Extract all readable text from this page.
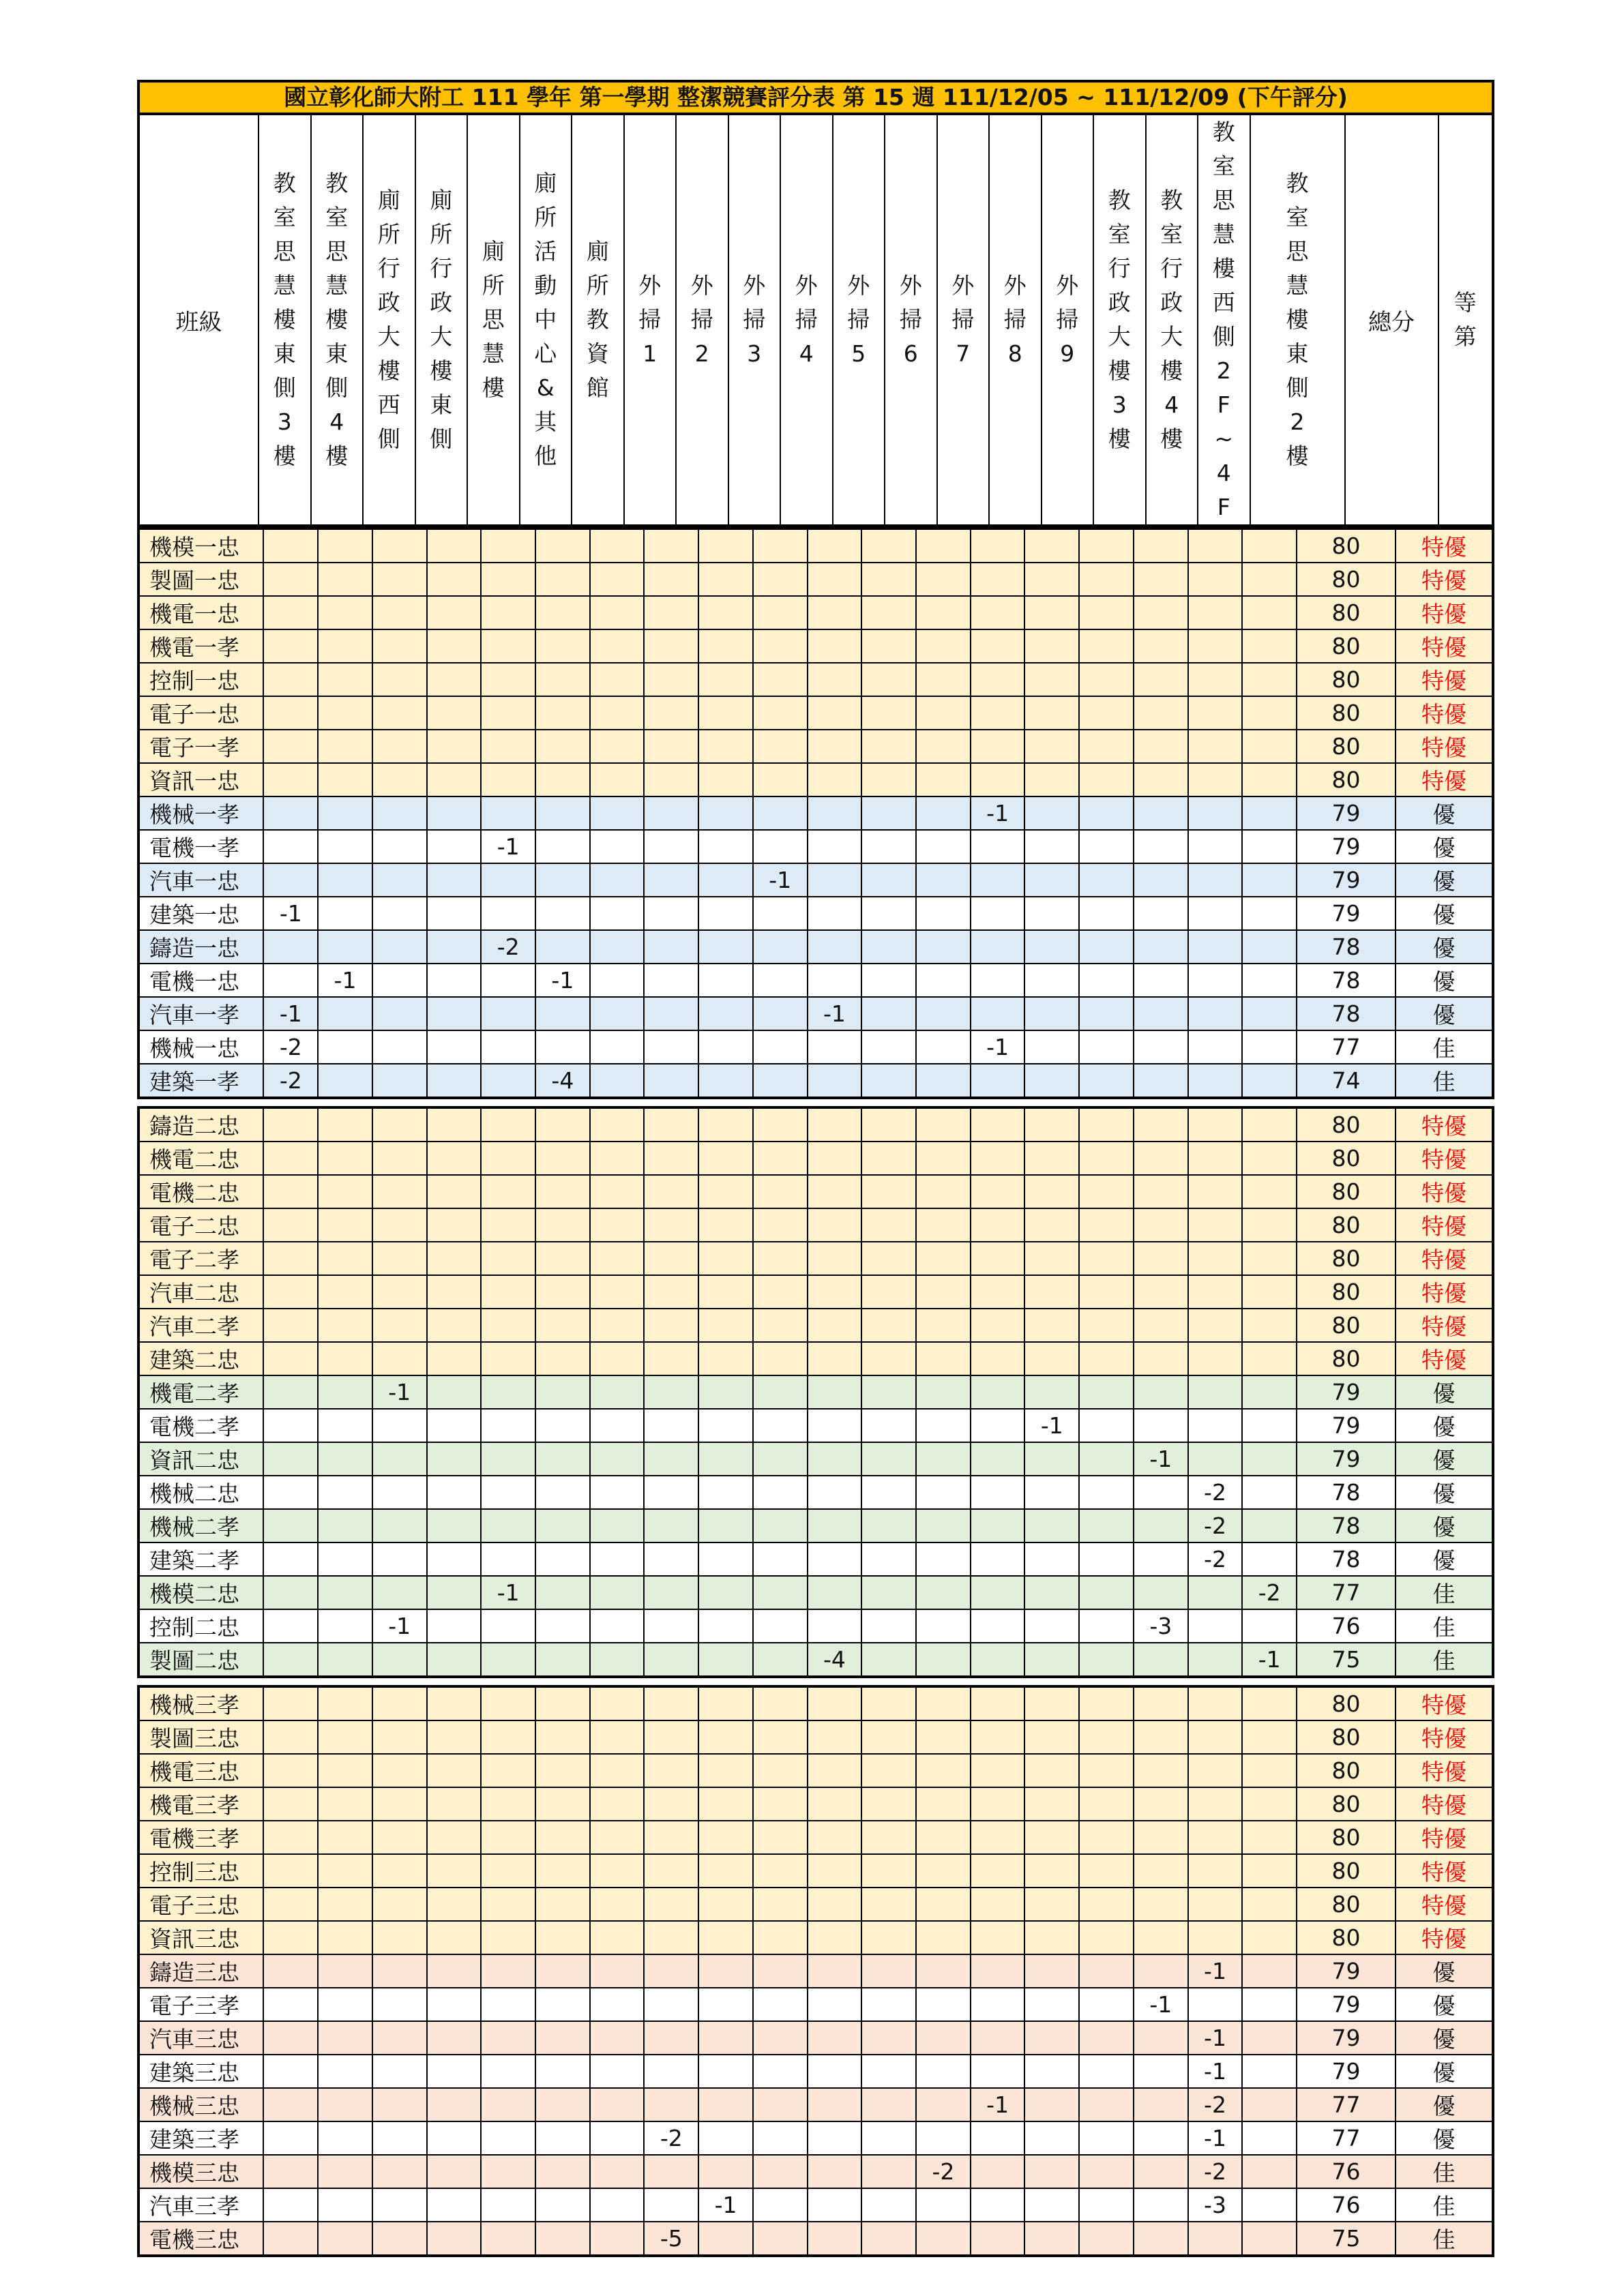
國立彰化師大附工 111 學年 第一學期 整潔競賽評分表 第 15 週 111/12/05 ~ 111/12/09 (下午評分)
班級	教室思慧樓東側3樓	教室思慧樓東側4樓	廁所行政大樓西側	廁所行政大樓東側	廁所思慧樓	廁所活動中心&其他	廁所教資館	外掃1	外掃2	外掃3	外掃4	外掃5	外掃6	外掃7	外掃8	外掃9	教室行政大樓3樓	教室行政大樓4樓	教室思慧樓西側2F~4F	教室思慧樓東側2樓	總分	等第
機模一忠																				80	特優
製圖一忠																				80	特優
機電一忠																				80	特優
機電一孝																				80	特優
控制一忠																				80	特優
電子一忠																				80	特優
電子一孝																				80	特優
資訊一忠																				80	特優
機械一孝														-1						79	優
電機一孝					-1															79	優
汽車一忠										-1										79	優
建築一忠	-1																			79	優
鑄造一忠					-2															78	優
電機一忠		-1				-1														78	優
汽車一孝	-1										-1									78	優
機械一忠	-2													-1						77	佳
建築一孝	-2					-4														74	佳
鑄造二忠																				80	特優
機電二忠																				80	特優
電機二忠																				80	特優
電子二忠																				80	特優
電子二孝																				80	特優
汽車二忠																				80	特優
汽車二孝																				80	特優
建築二忠																				80	特優
機電二孝			-1																	79	優
電機二孝															-1					79	優
資訊二忠																	-1			79	優
機械二忠																		-2		78	優
機械二孝																		-2		78	優
建築二孝																		-2		78	優
機模二忠					-1														-2	77	佳
控制二忠			-1														-3			76	佳
製圖二忠											-4								-1	75	佳
機械三孝																				80	特優
製圖三忠																				80	特優
機電三忠																				80	特優
機電三孝																				80	特優
電機三孝																				80	特優
控制三忠																				80	特優
電子三忠																				80	特優
資訊三忠																				80	特優
鑄造三忠																		-1		79	優
電子三孝																	-1			79	優
汽車三忠																		-1		79	優
建築三忠																		-1		79	優
機械三忠														-1				-2		77	優
建築三孝								-2										-1		77	優
機模三忠													-2					-2		76	佳
汽車三孝									-1									-3		76	佳
電機三忠								-5												75	佳
